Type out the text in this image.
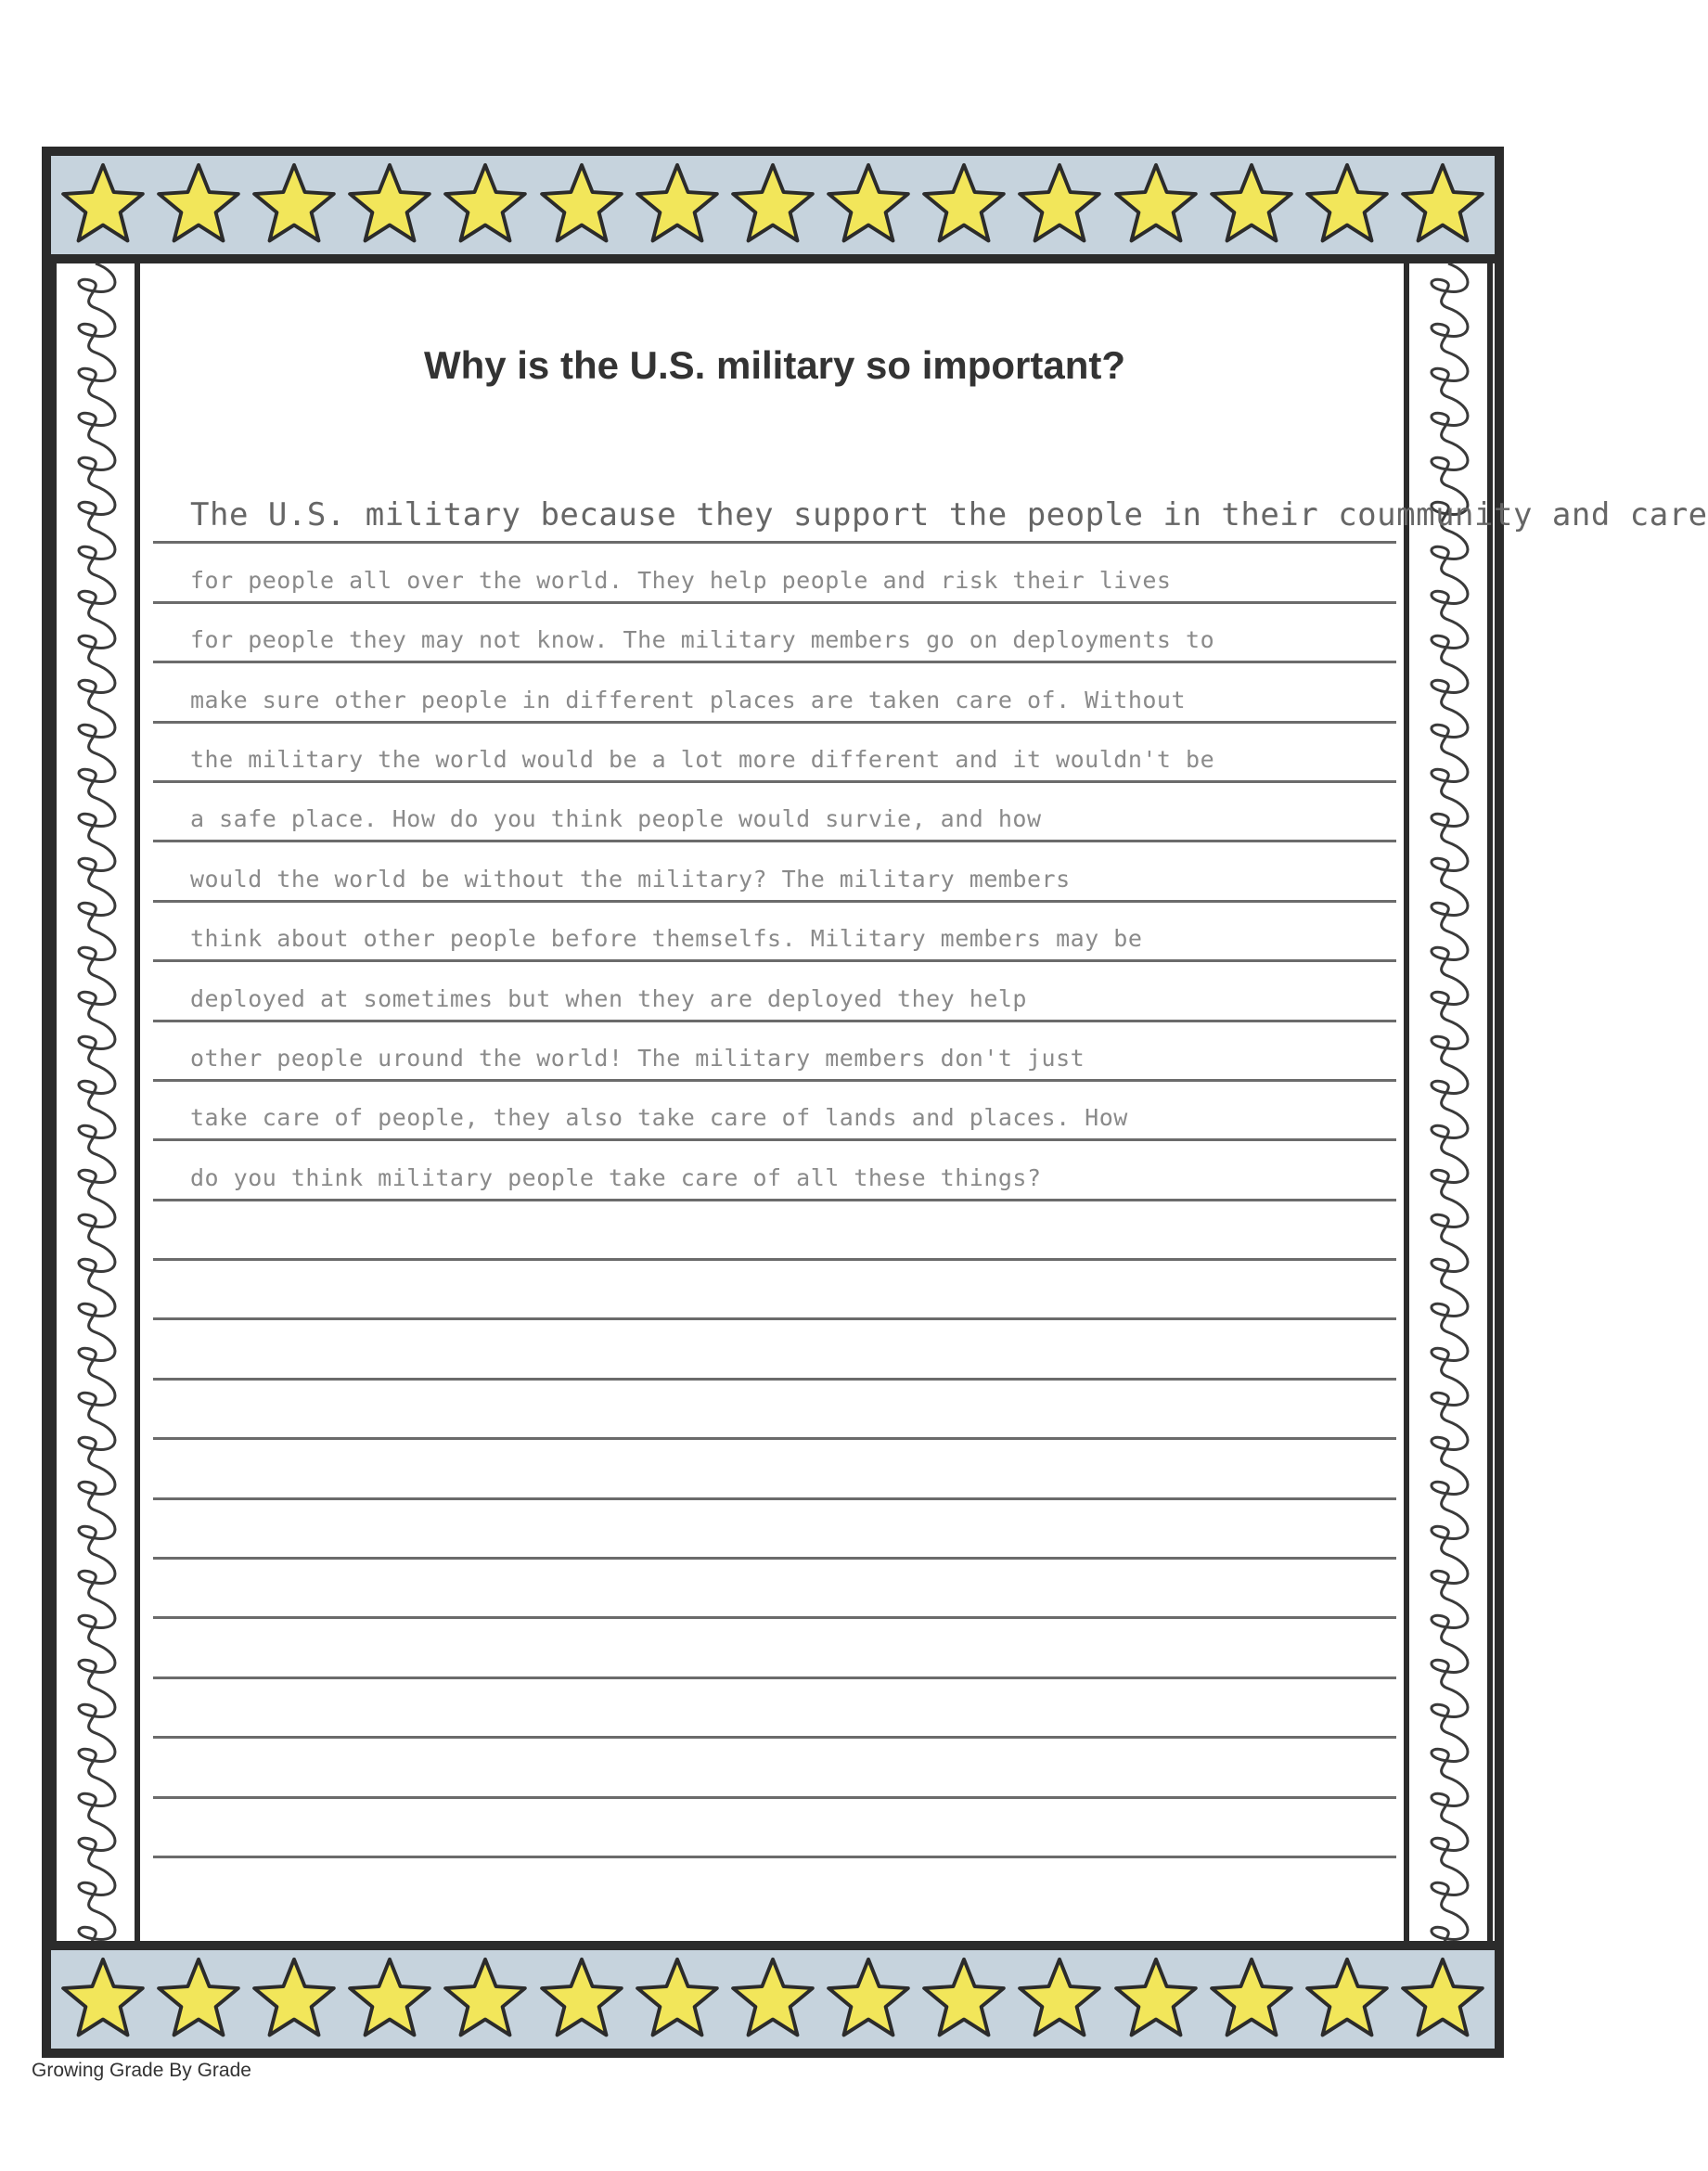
Why is the U.S. military so important?
The U.S. military because they support the people in their coummunity and care
for people all over the world. They help people and risk their lives
for people they may not know. The military members go on deployments to
make sure other people in different places are taken care of. Without
the military the world would be a lot more different and it wouldn't be
a safe place. How do you think people would survie, and how
would the world be without the military? The military members
think about other people before themselfs. Military members may be
deployed at sometimes but when they are deployed they help
other people uround the world! The military members don't just
take care of people, they also take care of lands and places. How
do you think military people take care of all these things?
Growing Grade By Grade
